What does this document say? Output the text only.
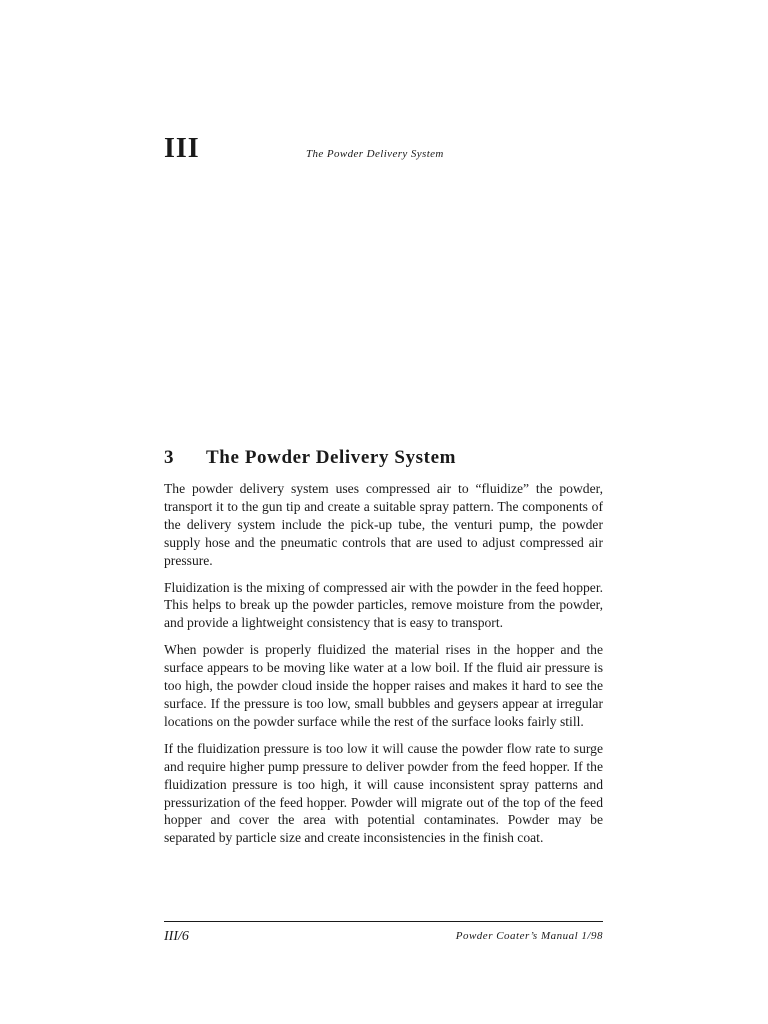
III	The Powder Delivery System
3 The Powder Delivery System

The powder delivery system uses compressed air to “fluidize” the powder, transport it to the gun tip and create a suitable spray pattern. The components of the delivery system include the pick-up tube, the venturi pump, the powder supply hose and the pneumatic controls that are used to adjust compressed air pressure.

Fluidization is the mixing of compressed air with the powder in the feed hopper. This helps to break up the powder particles, remove moisture from the powder, and provide a lightweight consistency that is easy to transport.

When powder is properly fluidized the material rises in the hopper and the surface appears to be moving like water at a low boil. If the fluid air pressure is too high, the powder cloud inside the hopper raises and makes it hard to see the surface. If the pressure is too low, small bubbles and geysers appear at irregular locations on the powder surface while the rest of the surface looks fairly still.

If the fluidization pressure is too low it will cause the powder flow rate to surge and require higher pump pressure to deliver powder from the feed hopper. If the fluidization pressure is too high, it will cause inconsistent spray patterns and pressurization of the feed hopper. Powder will migrate out of the top of the feed hopper and cover the area with potential contaminates. Powder may be separated by particle size and create inconsistencies in the finish coat.

III/6	Powder Coater’s Manual 1/98
